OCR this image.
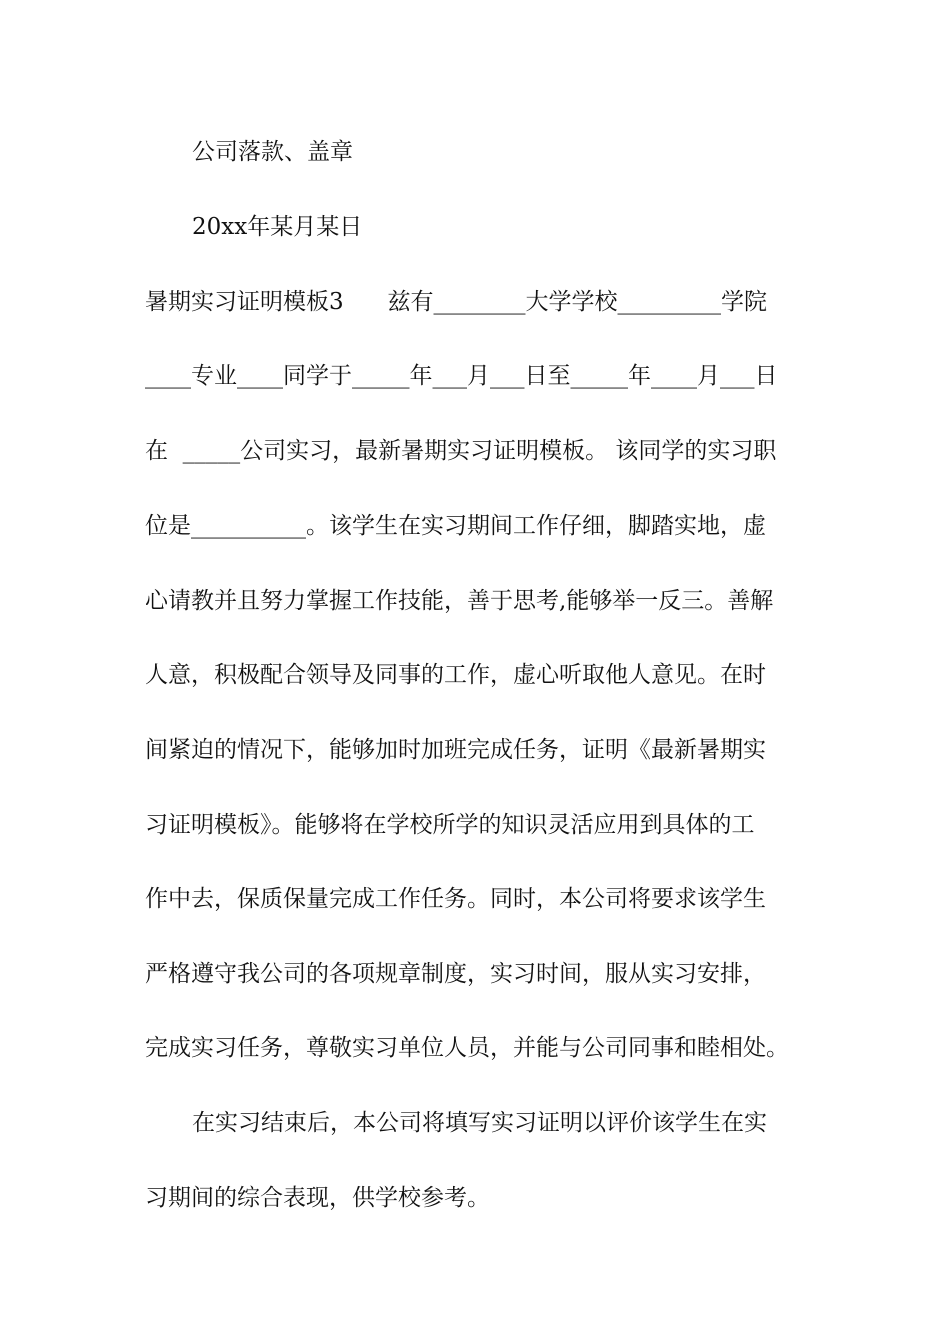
公司落款、盖章
20xx年某月某日
暑期实习证明模板3      兹有________大学学校_________学院
____专业____同学于_____年___月___日至_____年____月___日
在  _____公司实习，最新暑期实习证明模板。 该同学的实习职
位是__________。该学生在实习期间工作仔细，脚踏实地，虚
心请教并且努力掌握工作技能，善于思考,能够举一反三。善解
人意，积极配合领导及同事的工作，虚心听取他人意见。在时
间紧迫的情况下，能够加时加班完成任务，证明《最新暑期实
习证明模板》。能够将在学校所学的知识灵活应用到具体的工
作中去，保质保量完成工作任务。同时，本公司将要求该学生
严格遵守我公司的各项规章制度，实习时间，服从实习安排，
完成实习任务，尊敬实习单位人员，并能与公司同事和睦相处。
在实习结束后，本公司将填写实习证明以评价该学生在实
习期间的综合表现，供学校参考。
